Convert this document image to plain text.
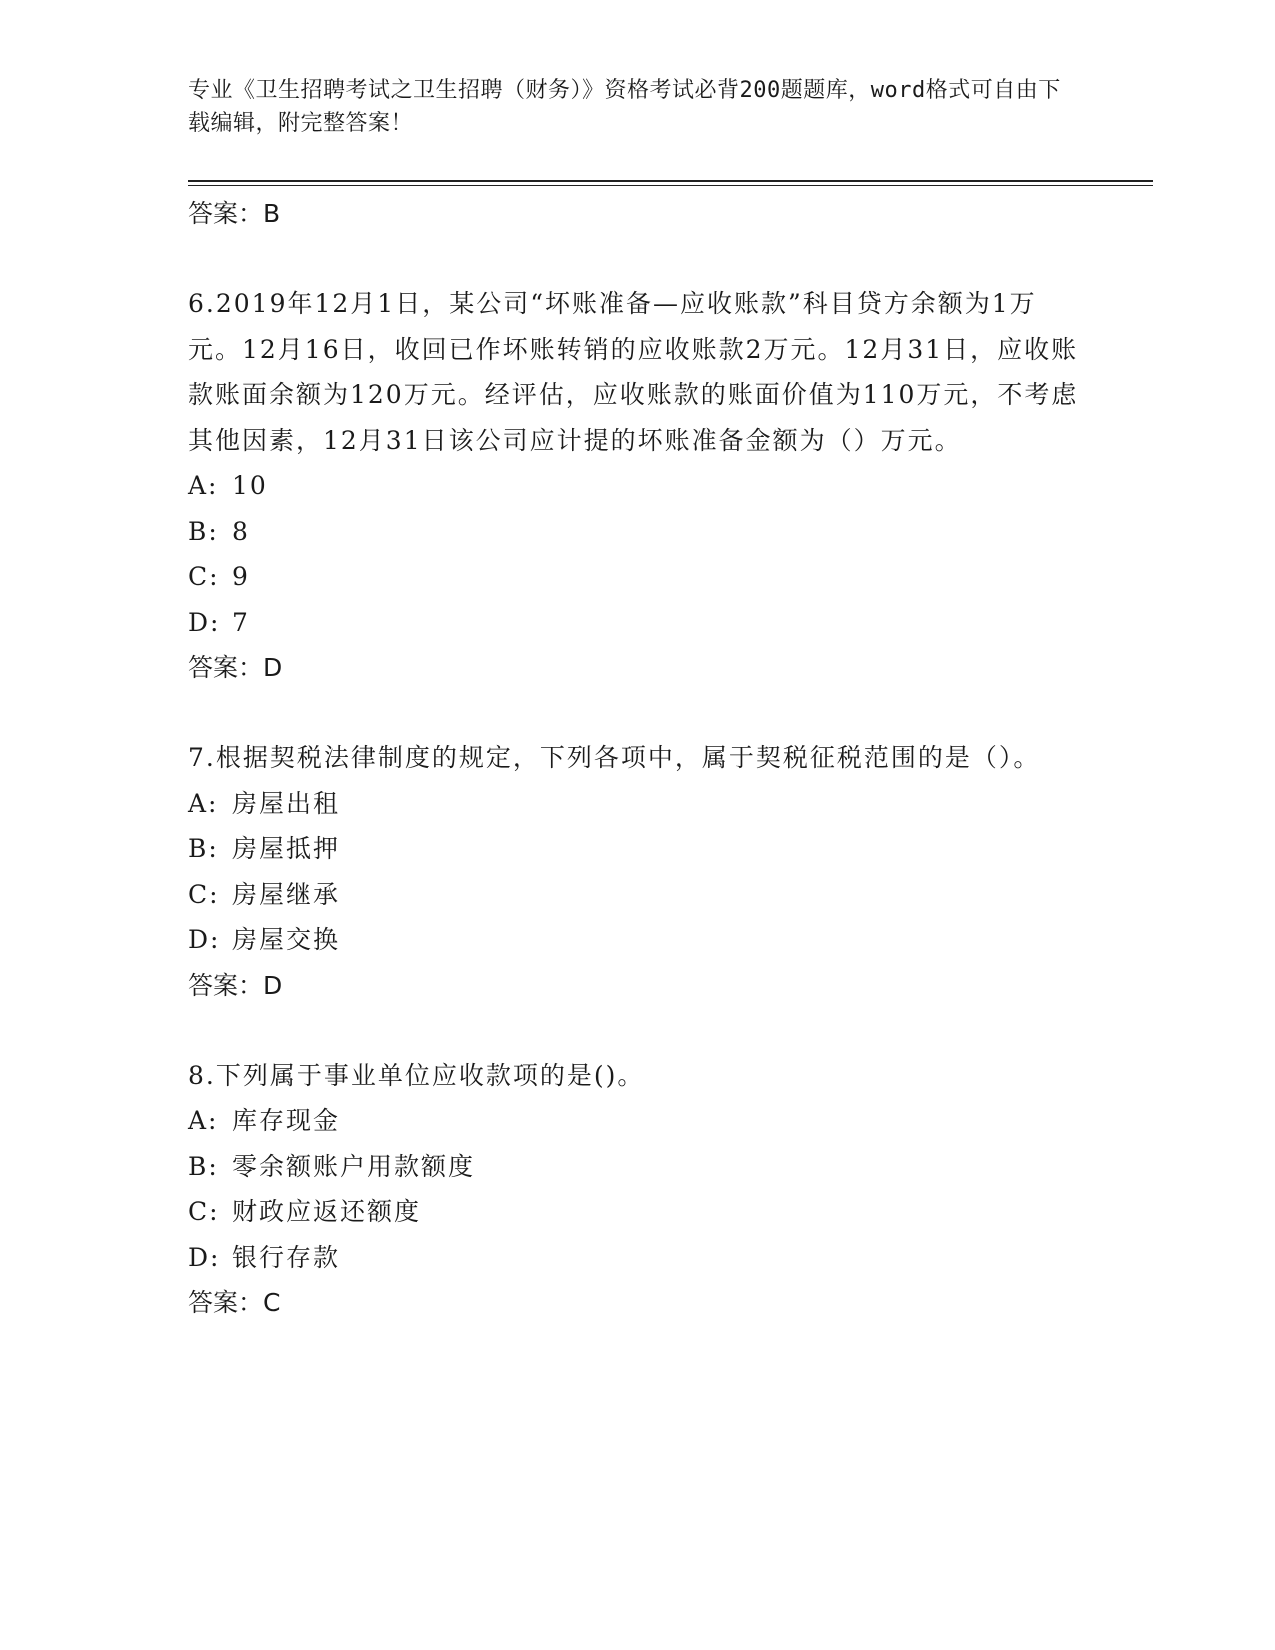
专业《卫生招聘考试之卫生招聘（财务）》资格考试必背200题题库，word格式可自由下载编辑，附完整答案！

答案：B

6.2019年12月1日，某公司“坏账准备—应收账款”科目贷方余额为1万元。12月16日，收回已作坏账转销的应收账款2万元。12月31日，应收账款账面余额为120万元。经评估，应收账款的账面价值为110万元，不考虑其他因素，12月31日该公司应计提的坏账准备金额为（）万元。

A: 10

B: 8

C: 9

D: 7

答案：D

7.根据契税法律制度的规定，下列各项中，属于契税征税范围的是（）。

A: 房屋出租

B: 房屋抵押

C: 房屋继承

D: 房屋交换

答案：D

8.下列属于事业单位应收款项的是()。

A: 库存现金

B: 零余额账户用款额度

C: 财政应返还额度

D: 银行存款

答案：C
